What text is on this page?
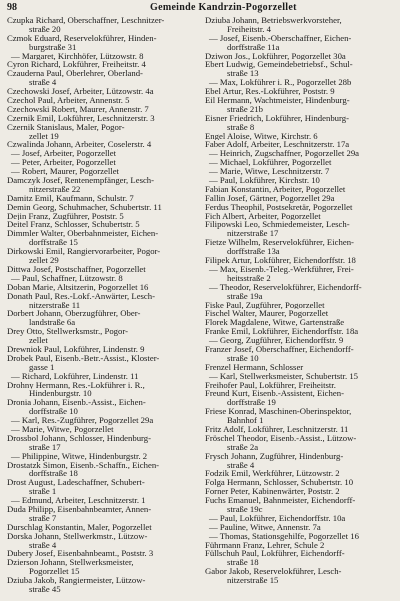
98	Gemeinde Kandrzin-Pogorzellet
Czupka Richard, Oberschaffner, Leschnitzer-
straße 20
Czmok Eduard, Reservelokführer, Hinden-
burgstraße 31
— Margaret, Kirchhöfer, Lützowstr. 8
Cyron Richard, Lokführer, Freiheitstr. 4
Czauderna Paul, Oberlehrer, Oberland-
straße 4
Czechowski Josef, Arbeiter, Lützowstr. 4a
Czechol Paul, Arbeiter, Annenstr. 5
Czechowski Robert, Maurer, Annenstr. 7
Czernik Emil, Lokführer, Leschnitzerstr. 3
Czernik Stanislaus, Maler, Pogor-
zellet 19
Czwalinda Johann, Arbeiter, Coselerstr. 4
— Josef, Arbeiter, Pogorzellet
— Peter, Arbeiter, Pogorzellet
— Robert, Maurer, Pogorzellet
Damczyk Josef, Rentenempfänger, Lesch-
nitzerstraße 22
Damitz Emil, Kaufmann, Schulstr. 7
Demin Georg, Schuhmacher, Schubertstr. 11
Dejin Franz, Zugführer, Poststr. 5
Deitel Franz, Schlosser, Schubertstr. 5
Dimmler Walter, Oberbahnmeister, Eichen-
dorffstraße 15
Dirkowski Emil, Rangiervorarbeiter, Pogor-
zellet 29
Dittwa Josef, Postschaffner, Pogorzellet
— Paul, Schaffner, Lützowstr. 8
Doban Marie, Altsitzerin, Pogorzellet 16
Donath Paul, Res.-Lokf.-Anwärter, Lesch-
nitzerstraße 11
Dorbert Johann, Oberzugführer, Ober-
landstraße 6a
Drey Otto, Stellwerksmstr., Pogor-
zellet
Drewniok Paul, Lokführer, Lindenstr. 9
Drobek Paul, Eisenb.-Betr.-Assist., Kloster-
gasse 1
— Richard, Lokführer, Lindenstr. 11
Drohny Hermann, Res.-Lokführer i. R.,
Hindenburgstr. 10
Dronia Johann, Eisenb.-Assist., Eichen-
dorffstraße 10
— Karl, Res.-Zugführer, Pogorzellet 29a
— Marie, Witwe, Pogorzellet
Drossbol Johann, Schlosser, Hindenburg-
straße 17
— Philippine, Witwe, Hindenburgstr. 2
Drostatzk Simon, Eisenb.-Schaffn., Eichen-
dorffstraße 18
Drost August, Ladeschaffner, Schubert-
straße 1
— Edmund, Arbeiter, Leschnitzerstr. 1
Duda Philipp, Eisenbahnbeamter, Annen-
straße 7
Durschlag Konstantin, Maler, Pogorzellet
Dorska Johann, Stellwerkmstr., Lützow-
straße 4
Dubery Josef, Eisenbahnbeamt., Poststr. 3
Dzierson Johann, Stellwerksmeister,
Pogorzellet 15
Dziuba Jakob, Rangiermeister, Lützow-
straße 45
Dziuba Johann, Betriebswerkvorsteher,
Freiheitstr. 4
— Josef, Eisenb.-Oberschaffner, Eichen-
dorffstraße 11a
Dziwon Jos., Lokführer, Pogorzellet 30a
Ebert Ludwig, Gemeindebetriebsf., Schul-
straße 13
— Max, Lokführer i. R., Pogorzellet 28b
Ebel Artur, Res.-Lokführer, Poststr. 9
Eil Hermann, Wachtmeister, Hindenburg-
straße 21b
Eisner Friedrich, Lokführer, Hindenburg-
straße 8
Engel Aloise, Witwe, Kirchstr. 6
Faber Adolf, Arbeiter, Leschnitzerstr. 17a
— Heinrich, Zugschaffner, Pogorzellet 29a
— Michael, Lokführer, Pogorzellet
— Marie, Witwe, Leschnitzerstr. 7
— Paul, Lokführer, Kirchstr. 10
Fabian Konstantin, Arbeiter, Pogorzellet
Fallin Josef, Gärtner, Pogorzellet 29a
Ferdus Theophil, Postsekretär, Pogorzellet
Fich Albert, Arbeiter, Pogorzellet
Filipowski Leo, Schmiedemeister, Lesch-
nitzerstraße 17
Fietze Wilhelm, Reservelokführer, Eichen-
dorffstraße 13a
Filipek Artur, Lokführer, Eichendorffstr. 18
— Max, Eisenb.-Teleg.-Werkführer, Frei-
heitsstraße 2
— Theodor, Reservelokführer, Eichendorff-
straße 19a
Fiske Paul, Zugführer, Pogorzellet
Fischel Walter, Maurer, Pogorzellet
Florek Magdalene, Witwe, Gartenstraße
Franke Emil, Lokführer, Eichendorffstr. 18a
— Georg, Zugführer, Eichendorffstr. 9
Franzer Josef, Oberschaffner, Eichendorff-
straße 10
Frenzel Hermann, Schlosser
— Karl, Stellwerksmeister, Schubertstr. 15
Freihofer Paul, Lokführer, Freiheitstr.
Freund Kurt, Eisenb.-Assistent, Eichen-
dorffstraße 19
Friese Konrad, Maschinen-Oberinspektor,
Bahnhof 1
Fritz Adolf, Lokführer, Leschnitzerstr. 11
Fröschel Theodor, Eisenb.-Assist., Lützow-
straße 2a
Frysch Johann, Zugführer, Hindenburg-
straße 4
Fodzik Emil, Werkführer, Lützowstr. 2
Folga Hermann, Schlosser, Schubertstr. 10
Forner Peter, Kabinenwärter, Poststr. 2
Fuchs Emanuel, Bahnmeister, Eichendorff-
straße 19c
— Paul, Lokführer, Eichendorffstr. 10a
— Pauline, Witwe, Annenstr. 7a
— Thomas, Stationsgehilfe, Pogorzellet 16
Führmann Franz, Lehrer, Schule 2
Füllschuh Paul, Lokführer, Eichendorff-
straße 18
Gabor Jakob, Reservelokführer, Lesch-
nitzerstraße 15
